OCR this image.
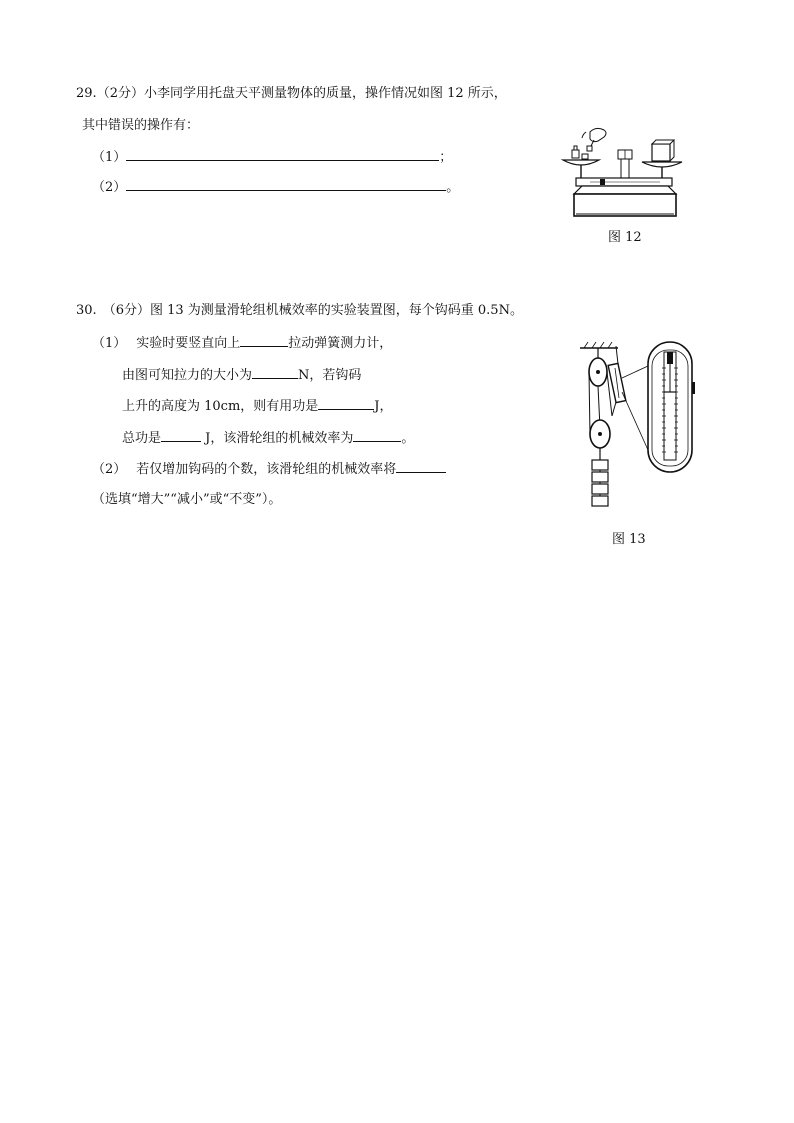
29.（2分）小李同学用托盘天平测量物体的质量，操作情况如图 12 所示，
其中错误的操作有：
（1）	；
（2）	。
图 12
30. （6分）图 13 为测量滑轮组机械效率的实验装置图，每个钩码重 0.5N。
（1） 实验时要竖直向上	拉动弹簧测力计，
由图可知拉力的大小为	N，若钩码
上升的高度为 10cm，则有用功是	J，
总功是	J，该滑轮组的机械效率为	。
（2） 若仅增加钩码的个数，该滑轮组的机械效率将
（选填“增大”“减小”或“不变”）。
图 13
